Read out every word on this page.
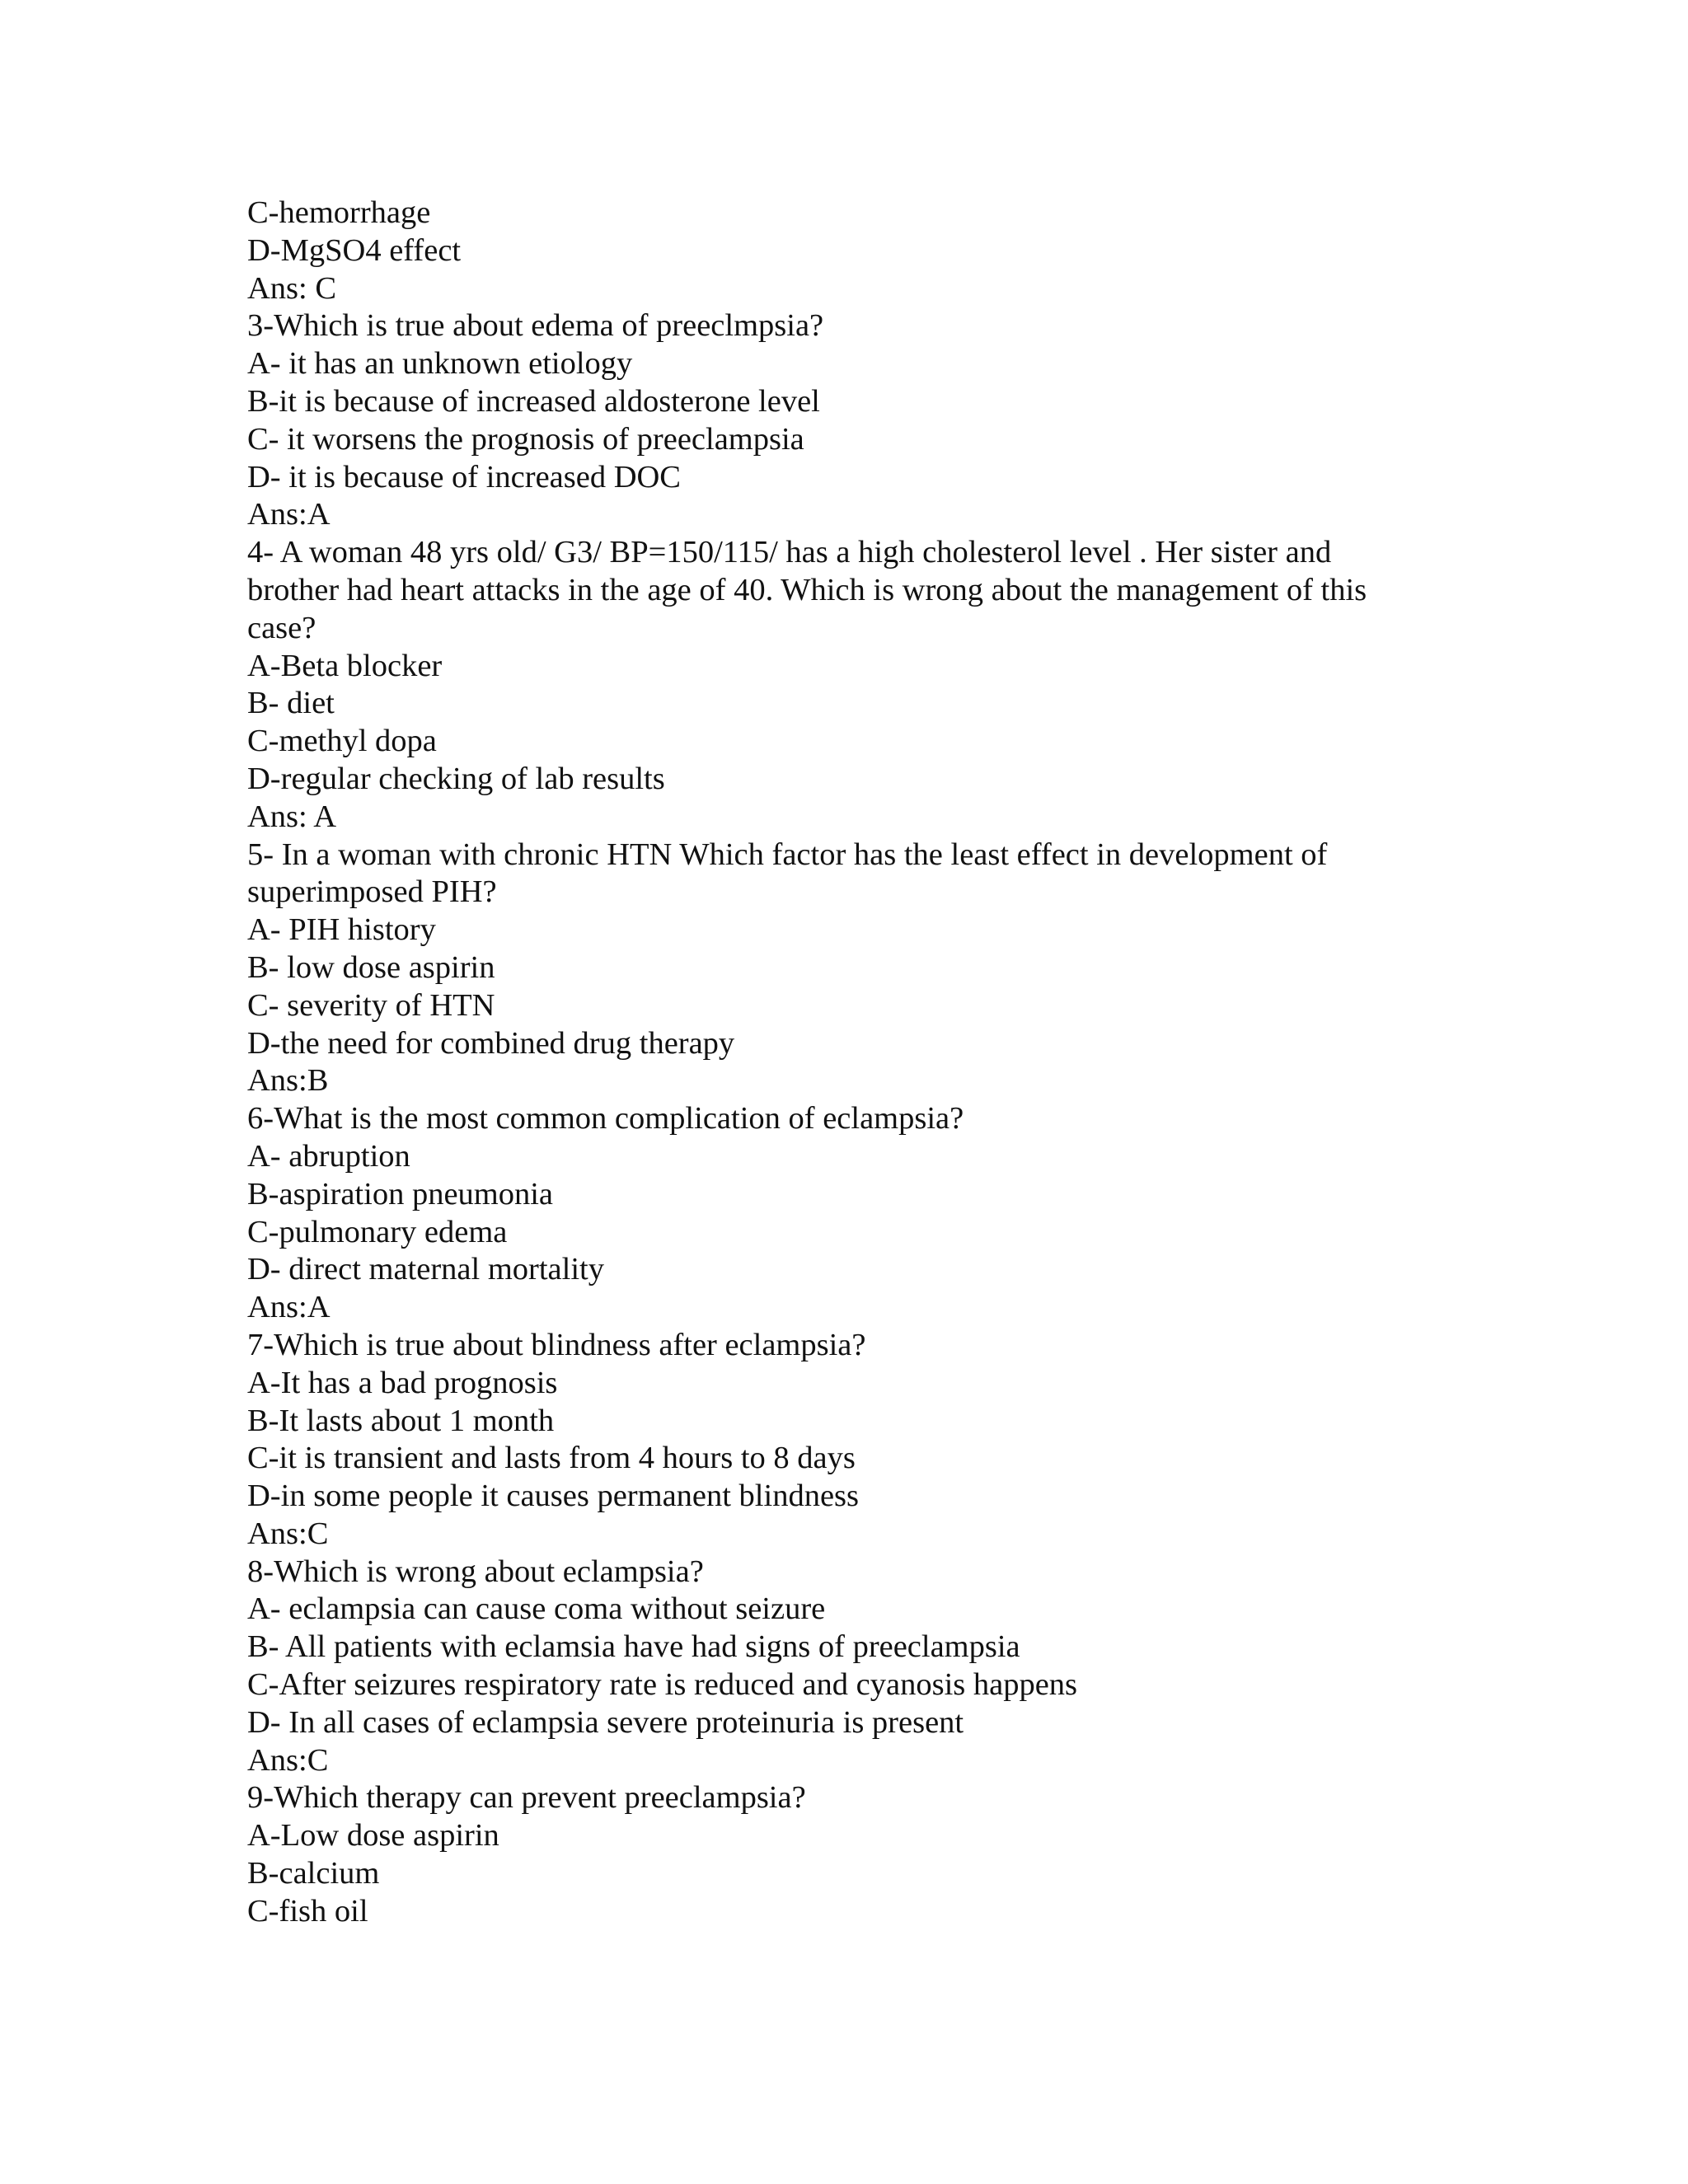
C-hemorrhage

D-MgSO4 effect

Ans: C

3-Which is true about edema of preeclmpsia?

A- it has an unknown etiology

B-it is because of increased aldosterone level

C- it worsens the prognosis of preeclampsia

D- it is because of increased DOC

Ans:A

4- A woman 48 yrs old/ G3/ BP=150/115/ has a high cholesterol level . Her sister and

brother had heart attacks in the age of 40. Which is wrong about the management of this

case?

A-Beta blocker

B- diet

C-methyl dopa

D-regular checking of lab results

Ans: A

5- In a woman with chronic HTN Which factor has the least effect in development of

superimposed PIH?

A- PIH history

B- low dose aspirin

C- severity of HTN

D-the need for combined drug therapy

Ans:B

6-What is the most common complication of eclampsia?

A- abruption

B-aspiration pneumonia

C-pulmonary edema

D- direct maternal mortality

Ans:A

7-Which is true about blindness after eclampsia?

A-It has a bad prognosis

B-It lasts about 1 month

C-it is transient and lasts from 4 hours to 8 days

D-in some people it causes permanent blindness

Ans:C

8-Which is wrong about eclampsia?

A- eclampsia can cause coma without seizure

B- All patients with eclamsia have had signs of preeclampsia

C-After seizures respiratory rate is reduced and cyanosis happens

D- In all cases of eclampsia severe proteinuria is present

Ans:C

9-Which therapy can prevent preeclampsia?

A-Low dose aspirin

B-calcium

C-fish oil
